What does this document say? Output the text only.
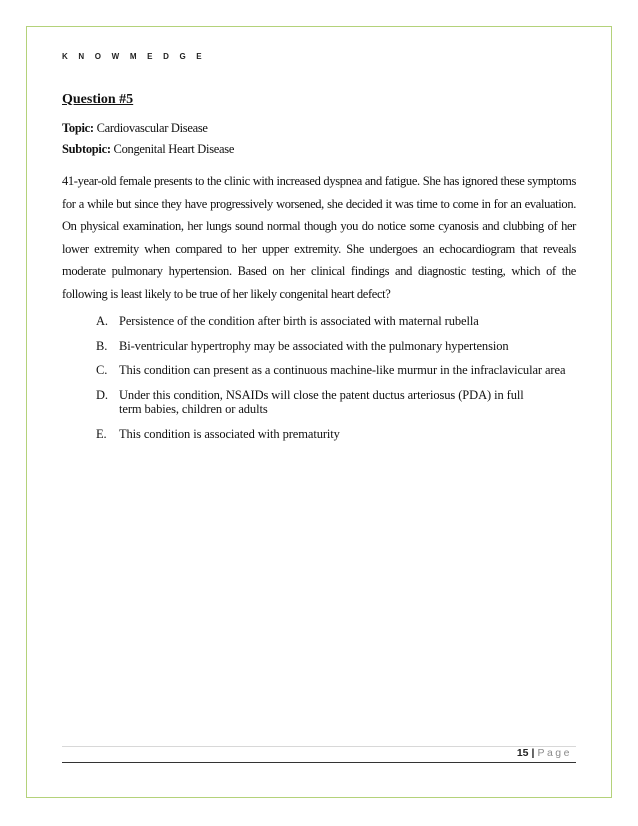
K N O W M E D G E
Question #5
Topic: Cardiovascular Disease
Subtopic: Congenital Heart Disease
41-year-old female presents to the clinic with increased dyspnea and fatigue. She has ignored these symptoms for a while but since they have progressively worsened, she decided it was time to come in for an evaluation. On physical examination, her lungs sound normal though you do notice some cyanosis and clubbing of her lower extremity when compared to her upper extremity. She undergoes an echocardiogram that reveals moderate pulmonary hypertension. Based on her clinical findings and diagnostic testing, which of the following is least likely to be true of her likely congenital heart defect?
A. Persistence of the condition after birth is associated with maternal rubella
B. Bi-ventricular hypertrophy may be associated with the pulmonary hypertension
C. This condition can present as a continuous machine-like murmur in the infraclavicular area
D. Under this condition, NSAIDs will close the patent ductus arteriosus (PDA) in full term babies, children or adults
E. This condition is associated with prematurity
15 | Page
